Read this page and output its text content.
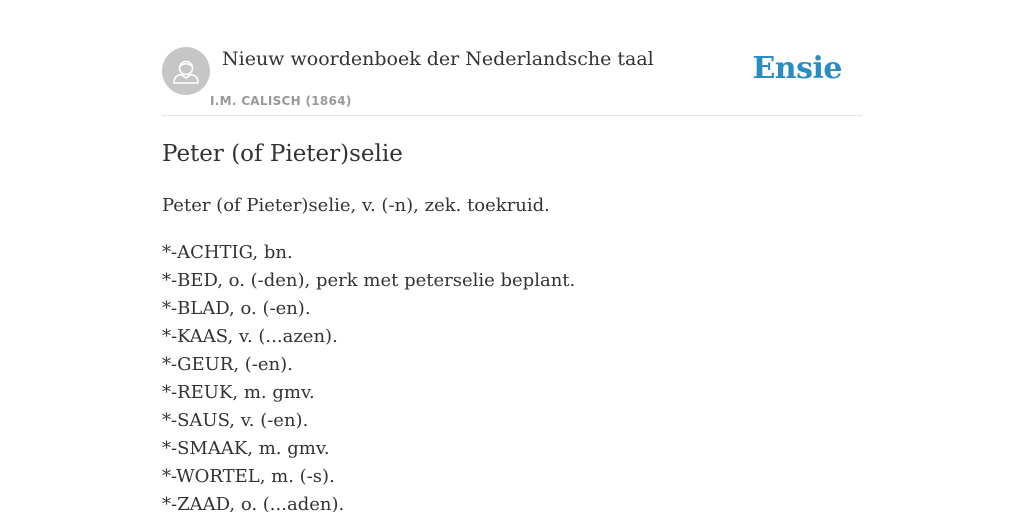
Nieuw woordenboek der Nederlandsche taal
I.M. CALISCH (1864)
Ensie
Peter (of Pieter)selie

Peter (of Pieter)selie, v. (-n), zek. toekruid.

*-ACHTIG, bn.
*-BED, o. (-den), perk met peterselie beplant.
*-BLAD, o. (-en).
*-KAAS, v. (...azen).
*-GEUR, (-en).
*-REUK, m. gmv.
*-SAUS, v. (-en).
*-SMAAK, m. gmv.
*-WORTEL, m. (-s).
*-ZAAD, o. (...aden).
